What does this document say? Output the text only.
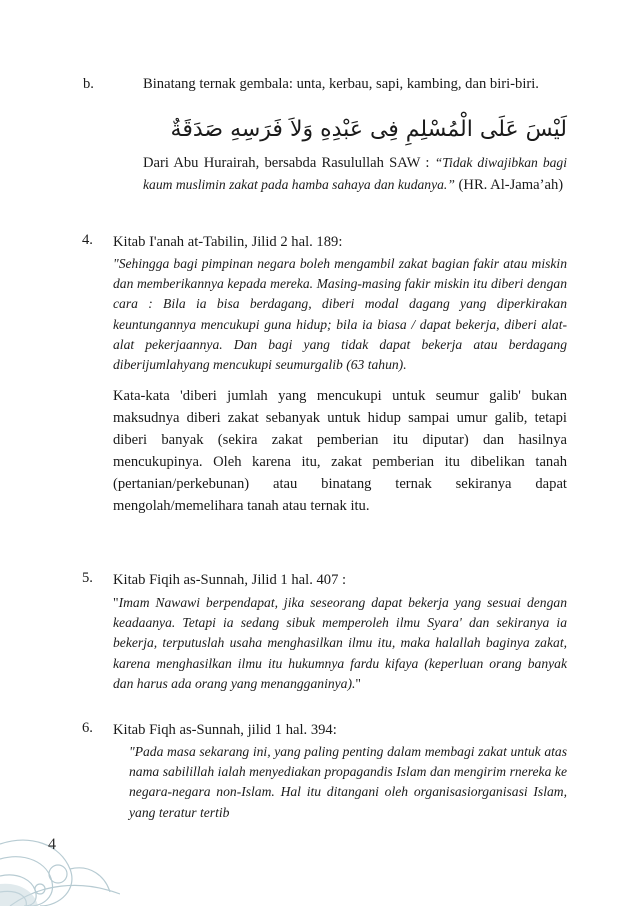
b.	Binatang ternak gembala: unta, kerbau, sapi, kambing, dan biri-biri.
لَيْسَ عَلَى الْمُسْلِمِ فِى عَبْدِهِ وَلاَ فَرَسِهِ صَدَقَةٌ
Dari Abu Hurairah, bersabda Rasulullah SAW : “Tidak diwajibkan bagi kaum muslimin zakat pada hamba sahaya dan kudanya.” (HR. Al-Jama’ah)
4. Kitab I'anah at-Tabilin, Jilid 2 hal. 189:
"Sehingga bagi pimpinan negara boleh mengambil zakat bagian fakir atau miskin dan memberikannya kepada mereka. Masing-masing fakir miskin itu diberi dengan cara : Bila ia bisa berdagang, diberi modal dagang yang diperkirakan keuntungannya mencukupi guna hidup; bila ia biasa / dapat bekerja, diberi alat-alat pekerjaannya. Dan bagi yang tidak dapat bekerja atau berdagang diberijumlahyang mencukupi seumurgalib (63 tahun).
Kata-kata 'diberi jumlah yang mencukupi untuk seumur galib' bukan maksudnya diberi zakat sebanyak untuk hidup sampai umur galib, tetapi diberi banyak (sekira zakat pemberian itu diputar) dan hasilnya mencukupinya. Oleh karena itu, zakat pemberian itu dibelikan tanah (pertanian/perkebunan) atau binatang ternak sekiranya dapat mengolah/memelihara tanah atau ternak itu.
5. Kitab Fiqih as-Sunnah, Jilid 1 hal. 407 :
"Imam Nawawi berpendapat, jika seseorang dapat bekerja yang sesuai dengan keadaanya. Tetapi ia sedang sibuk memperoleh ilmu Syara' dan sekiranya ia bekerja, terputuslah usaha menghasilkan ilmu itu, maka halallah baginya zakat, karena menghasilkan ilmu itu hukumnya fardu kifaya (keperluan orang banyak dan harus ada orang yang menangganinya)."
6. Kitab Fiqh as-Sunnah, jilid 1 hal. 394:
"Pada masa sekarang ini, yang paling penting dalam membagi zakat untuk atas nama sabilillah ialah menyediakan propagandis Islam dan mengirim rnereka ke negara-negara non-Islam. Hal itu ditangani oleh organisasiorganisasi Islam, yang teratur tertib
4
